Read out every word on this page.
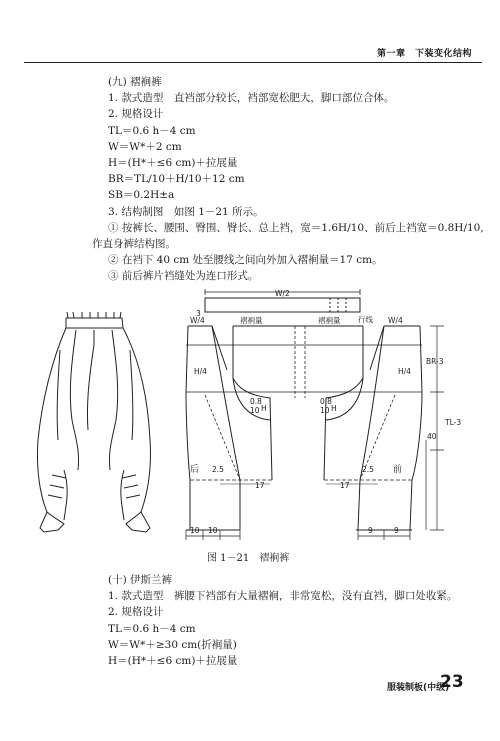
第一章　下装变化结构

(九) 褶裥裤

1. 款式造型　直裆部分较长，裆部宽松肥大，脚口部位合体。

2. 规格设计

TL＝0.6 h－4 cm

W＝W*＋2 cm

H＝(H*＋≤6 cm)＋拉展量

BR＝TL/10＋H/10＋12 cm

SB＝0.2H±a

3. 结构制图　如图 1－21 所示。

① 按裤长、腰围、臀围、臀长、总上裆，宽＝1.6H/10、前后上裆宽＝0.8H/10,

作直身裤结构图。

② 在裆下 40 cm 处至腰线之间向外加入褶裥量＝17 cm。

③ 前后裤片裆缝处为连口形式。

W/2
3
W/4	褶裥量	褶裥量 行线 W/4
H/4	H/4
BR-3
TL-3
40
0.8
10 H
0.8
10 H
后	前
2.5	2.5
17	17
10 10	9	9
图 1－21　褶裥裤

(十) 伊斯兰裤

1. 款式造型　裤腰下裆部有大量褶裥，非常宽松，没有直裆，脚口处收紧。

2. 规格设计

TL＝0.6 h－4 cm

W＝W*＋≥30 cm(折裥量)

H＝(H*＋≤6 cm)＋拉展量

服装制板(中级)
23
